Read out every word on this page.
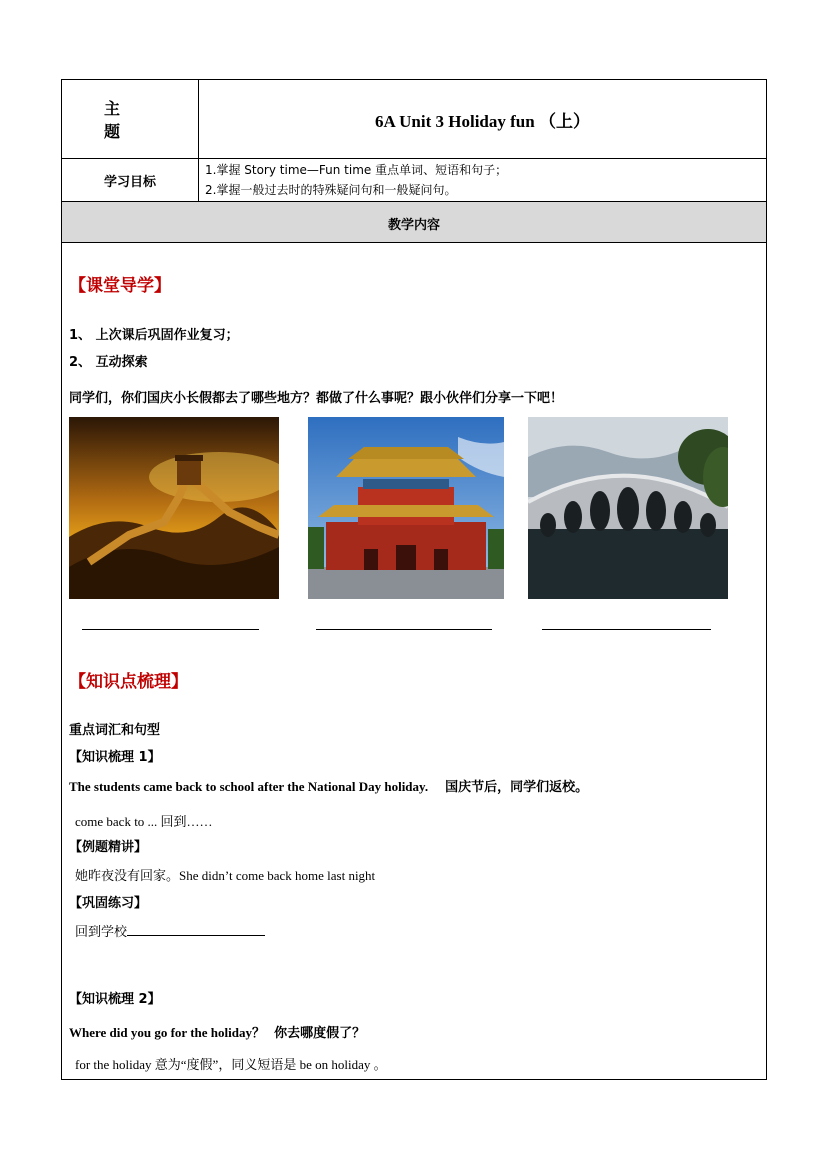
主题
6A Unit 3 Holiday fun （上）
学习目标
1.掌握 Story time—Fun time 重点单词、短语和句子；
2.掌握一般过去时的特殊疑问句和一般疑问句。
教学内容
【课堂导学】
1、 上次课后巩固作业复习；
2、 互动探索
同学们，你们国庆小长假都去了哪些地方？都做了什么事呢？跟小伙伴们分享一下吧！
【知识点梳理】
重点词汇和句型
【知识梳理 1】
The students came back to school after the National Day holiday. 国庆节后，同学们返校。
come back to ... 回到……
【例题精讲】
她昨夜没有回家。She didn’t come back home last night
【巩固练习】
回到学校
【知识梳理 2】
Where did you go for the holiday？ 你去哪度假了？
for the holiday 意为“度假”，同义短语是 be on holiday 。
